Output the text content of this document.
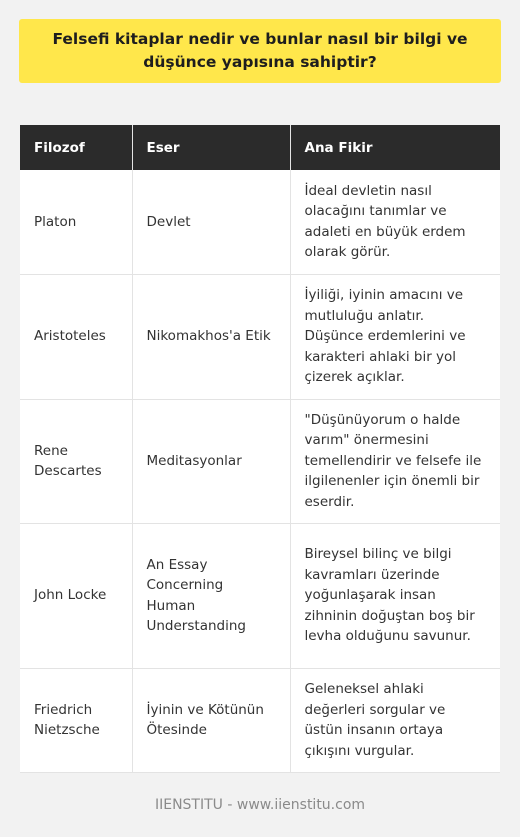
Felsefi kitaplar nedir ve bunlar nasıl bir bilgi ve düşünce yapısına sahiptir?
Filozof	Eser	Ana Fikir
Platon	Devlet	İdeal devletin nasıl olacağını tanımlar ve adaleti en büyük erdem olarak görür.
Aristoteles	Nikomakhos'a Etik	İyiliği, iyinin amacını ve mutluluğu anlatır. Düşünce erdemlerini ve karakteri ahlaki bir yol çizerek açıklar.
Rene Descartes	Meditasyonlar	"Düşünüyorum o halde varım" önermesini temellendirir ve felsefe ile ilgilenenler için önemli bir eserdir.
John Locke	An Essay Concerning Human Understanding	Bireysel bilinç ve bilgi kavramları üzerinde yoğunlaşarak insan zihninin doğuştan boş bir levha olduğunu savunur.
Friedrich Nietzsche	İyinin ve Kötünün Ötesinde	Geleneksel ahlaki değerleri sorgular ve üstün insanın ortaya çıkışını vurgular.
IIENSTITU - www.iienstitu.com
